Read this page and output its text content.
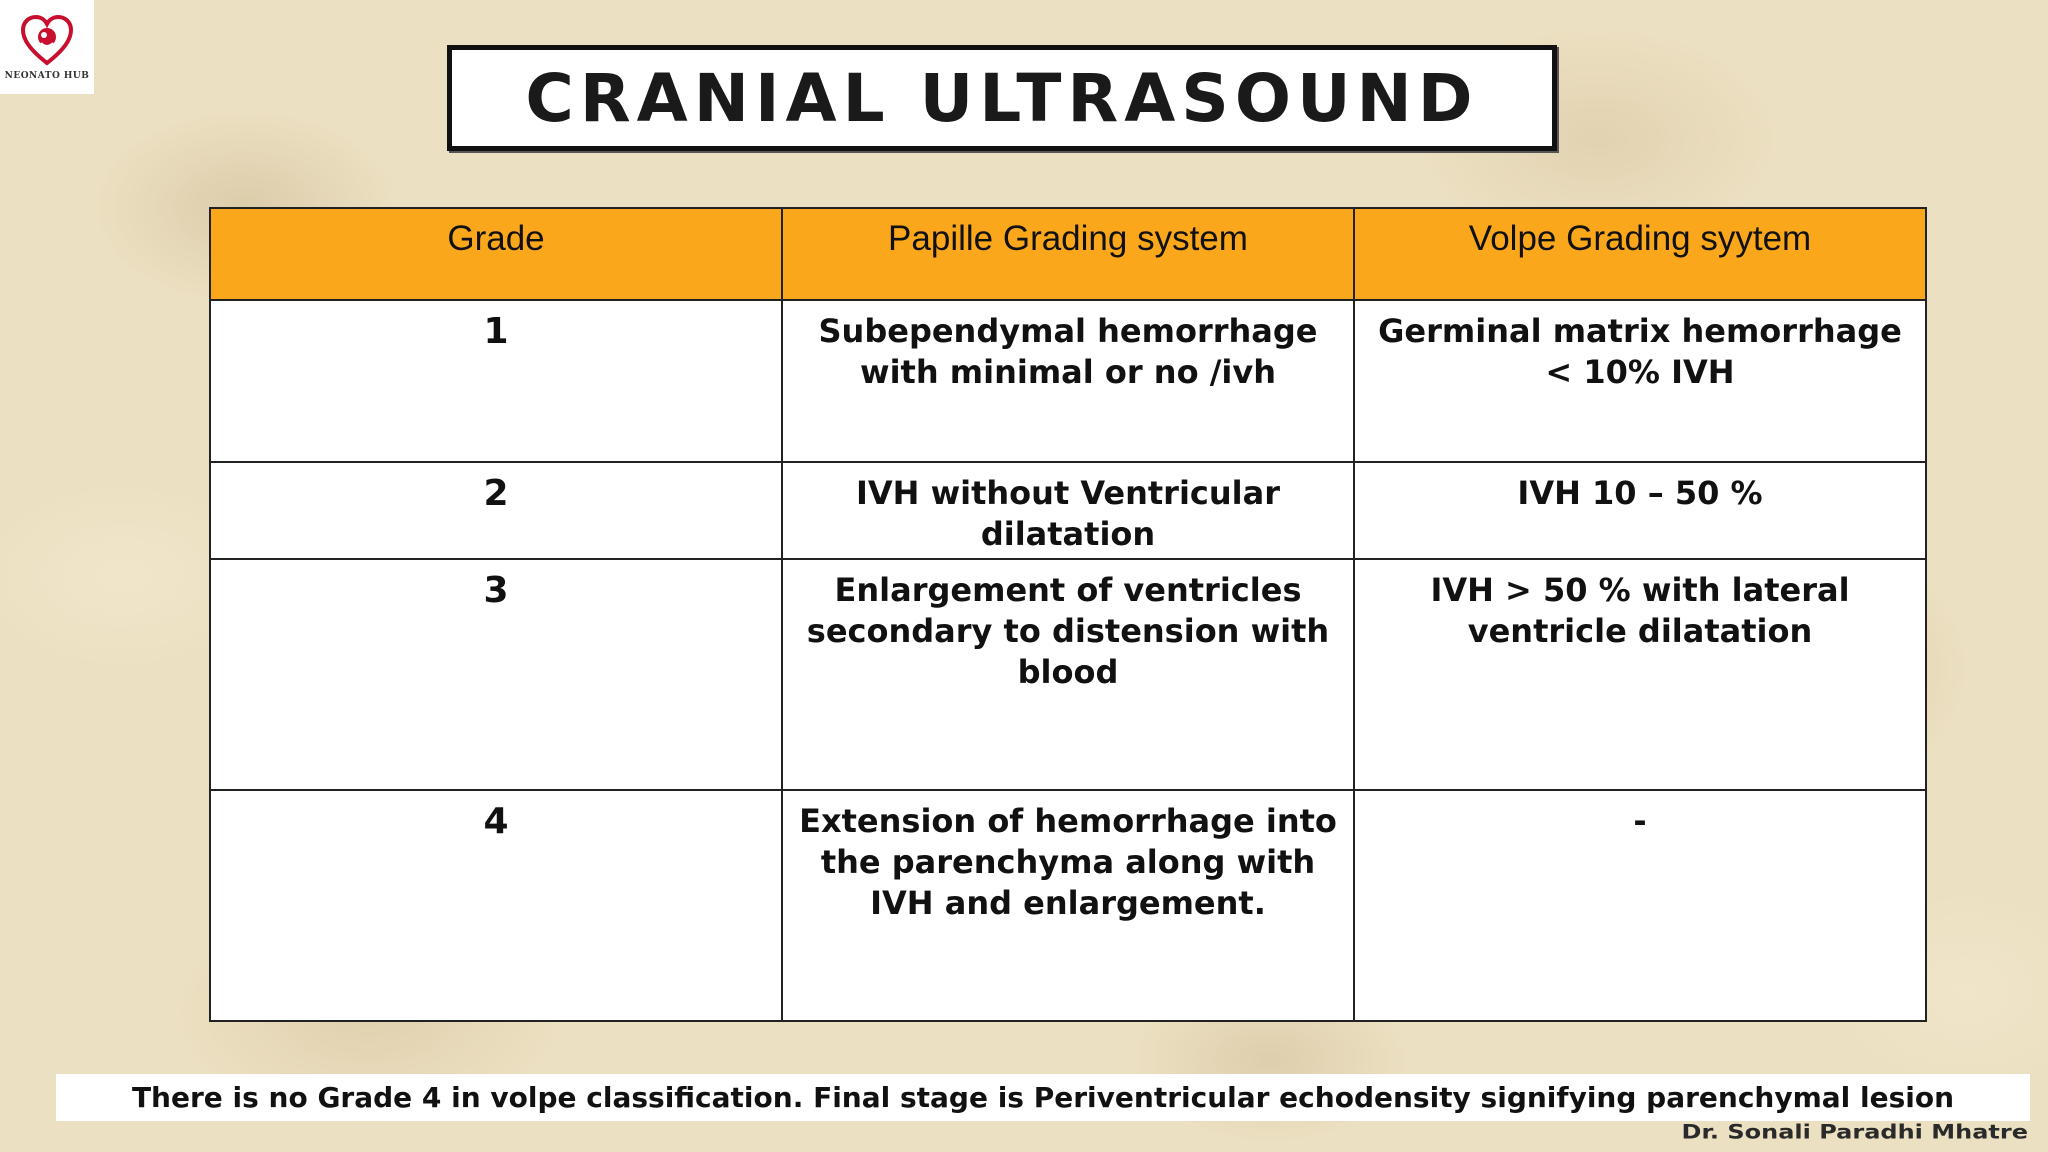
NEONATO HUB	CRANIAL ULTRASOUND
Grade	Papille Grading system	Volpe Grading syytem
1	Subependymal hemorrhage with minimal or no /ivh	Germinal matrix hemorrhage < 10% IVH
2	IVH without Ventricular dilatation	IVH 10 – 50 %
3	Enlargement of ventricles secondary to distension with blood	IVH > 50 % with lateral ventricle dilatation
4	Extension of hemorrhage into the parenchyma along with IVH and enlargement.	-
There is no Grade 4 in volpe classification. Final stage is Periventricular echodensity signifying parenchymal lesion
Dr. Sonali Paradhi Mhatre
